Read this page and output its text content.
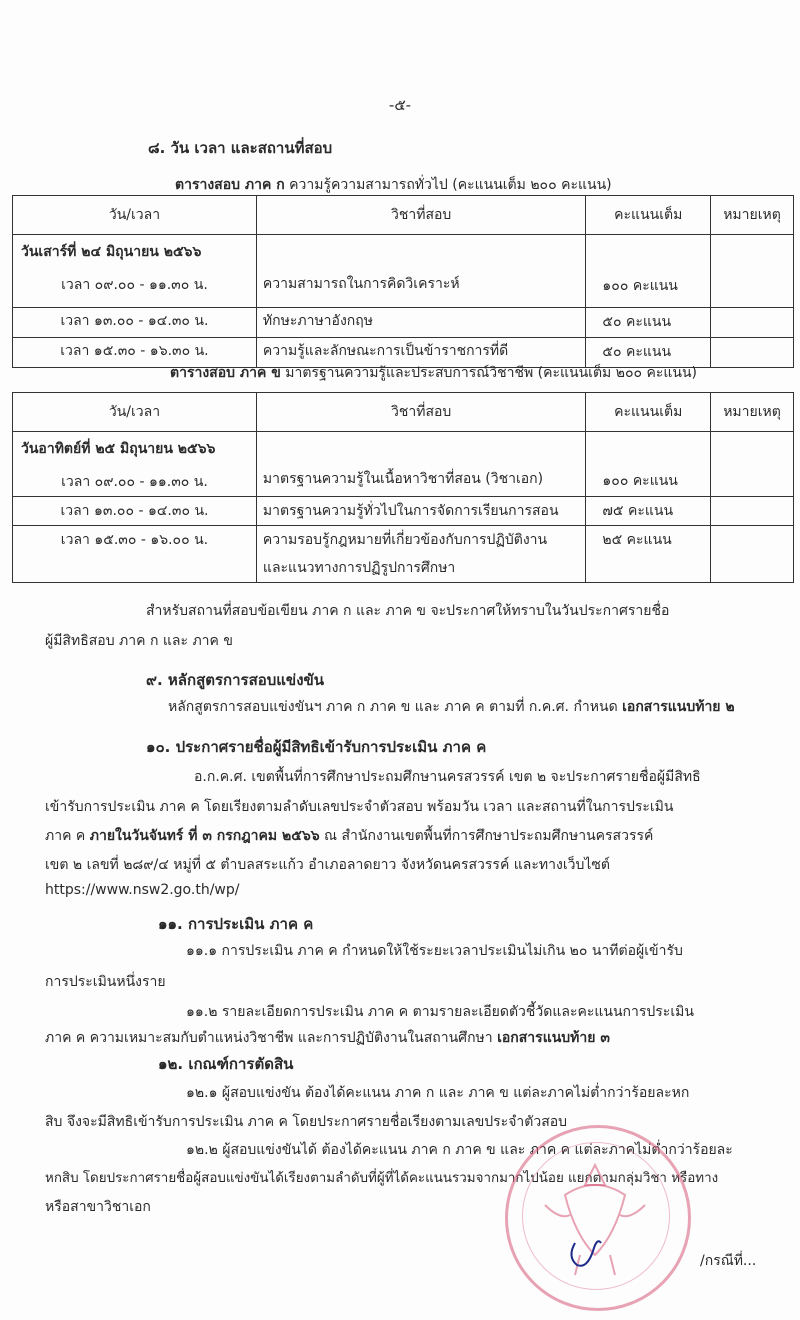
-๕-
๘. วัน เวลา และสถานที่สอบ
ตารางสอบ ภาค ก ความรู้ความสามารถทั่วไป (คะแนนเต็ม ๒๐๐ คะแนน)
วัน/เวลา	วิชาที่สอบ	คะแนนเต็ม	หมายเหตุ

วันเสาร์ที่ ๒๔ มิถุนายน ๒๕๖๖
เวลา ๐๙.๐๐ - ๑๑.๓๐ น.	ความสามารถในการคิดวิเคราะห์	๑๐๐ คะแนน	
เวลา ๑๓.๐๐ - ๑๔.๓๐ น.	ทักษะภาษาอังกฤษ	๕๐ คะแนน	
เวลา ๑๕.๓๐ - ๑๖.๓๐ น.	ความรู้และลักษณะการเป็นข้าราชการที่ดี	๕๐ คะแนน	
ตารางสอบ ภาค ข มาตรฐานความรู้และประสบการณ์วิชาชีพ (คะแนนเต็ม ๒๐๐ คะแนน)
วัน/เวลา	วิชาที่สอบ	คะแนนเต็ม	หมายเหตุ

วันอาทิตย์ที่ ๒๕ มิถุนายน ๒๕๖๖
เวลา ๐๙.๐๐ - ๑๑.๓๐ น.	มาตรฐานความรู้ในเนื้อหาวิชาที่สอน (วิชาเอก)	๑๐๐ คะแนน	
เวลา ๑๓.๐๐ - ๑๔.๓๐ น.	มาตรฐานความรู้ทั่วไปในการจัดการเรียนการสอน	๗๕ คะแนน	
เวลา ๑๕.๓๐ - ๑๖.๐๐ น.	ความรอบรู้กฎหมายที่เกี่ยวข้องกับการปฏิบัติงาน
และแนวทางการปฏิรูปการศึกษา	๒๕ คะแนน	
สำหรับสถานที่สอบข้อเขียน ภาค ก และ ภาค ข จะประกาศให้ทราบในวันประกาศรายชื่อ
ผู้มีสิทธิสอบ ภาค ก และ ภาค ข
๙. หลักสูตรการสอบแข่งขัน
หลักสูตรการสอบแข่งขันฯ ภาค ก ภาค ข และ ภาค ค ตามที่ ก.ค.ศ. กำหนด เอกสารแนบท้าย ๒
๑๐. ประกาศรายชื่อผู้มีสิทธิเข้ารับการประเมิน ภาค ค
อ.ก.ค.ศ. เขตพื้นที่การศึกษาประถมศึกษานครสวรรค์ เขต ๒ จะประกาศรายชื่อผู้มีสิทธิ
เข้ารับการประเมิน ภาค ค โดยเรียงตามลำดับเลขประจำตัวสอบ พร้อมวัน เวลา และสถานที่ในการประเมิน
ภาค ค ภายในวันจันทร์ ที่ ๓ กรกฎาคม ๒๕๖๖ ณ สำนักงานเขตพื้นที่การศึกษาประถมศึกษานครสวรรค์
เขต ๒ เลขที่ ๒๘๙/๔ หมู่ที่ ๕ ตำบลสระแก้ว อำเภอลาดยาว จังหวัดนครสวรรค์ และทางเว็บไซต์
https://www.nsw2.go.th/wp/
๑๑. การประเมิน ภาค ค
๑๑.๑ การประเมิน ภาค ค กำหนดให้ใช้ระยะเวลาประเมินไม่เกิน ๒๐ นาทีต่อผู้เข้ารับ
การประเมินหนึ่งราย
๑๑.๒ รายละเอียดการประเมิน ภาค ค ตามรายละเอียดตัวชี้วัดและคะแนนการประเมิน
ภาค ค ความเหมาะสมกับตำแหน่งวิชาชีพ และการปฏิบัติงานในสถานศึกษา เอกสารแนบท้าย ๓
๑๒. เกณฑ์การตัดสิน
๑๒.๑ ผู้สอบแข่งขัน ต้องได้คะแนน ภาค ก และ ภาค ข แต่ละภาคไม่ต่ำกว่าร้อยละหก
สิบ จึงจะมีสิทธิเข้ารับการประเมิน ภาค ค โดยประกาศรายชื่อเรียงตามเลขประจำตัวสอบ
๑๒.๒ ผู้สอบแข่งขันได้ ต้องได้คะแนน ภาค ก ภาค ข และ ภาค ค แต่ละภาคไม่ต่ำกว่าร้อยละ
หกสิบ โดยประกาศรายชื่อผู้สอบแข่งขันได้เรียงตามลำดับที่ผู้ที่ได้คะแนนรวมจากมากไปน้อย แยกตามกลุ่มวิชา หรือทาง
หรือสาขาวิชาเอก
/กรณีที่...
